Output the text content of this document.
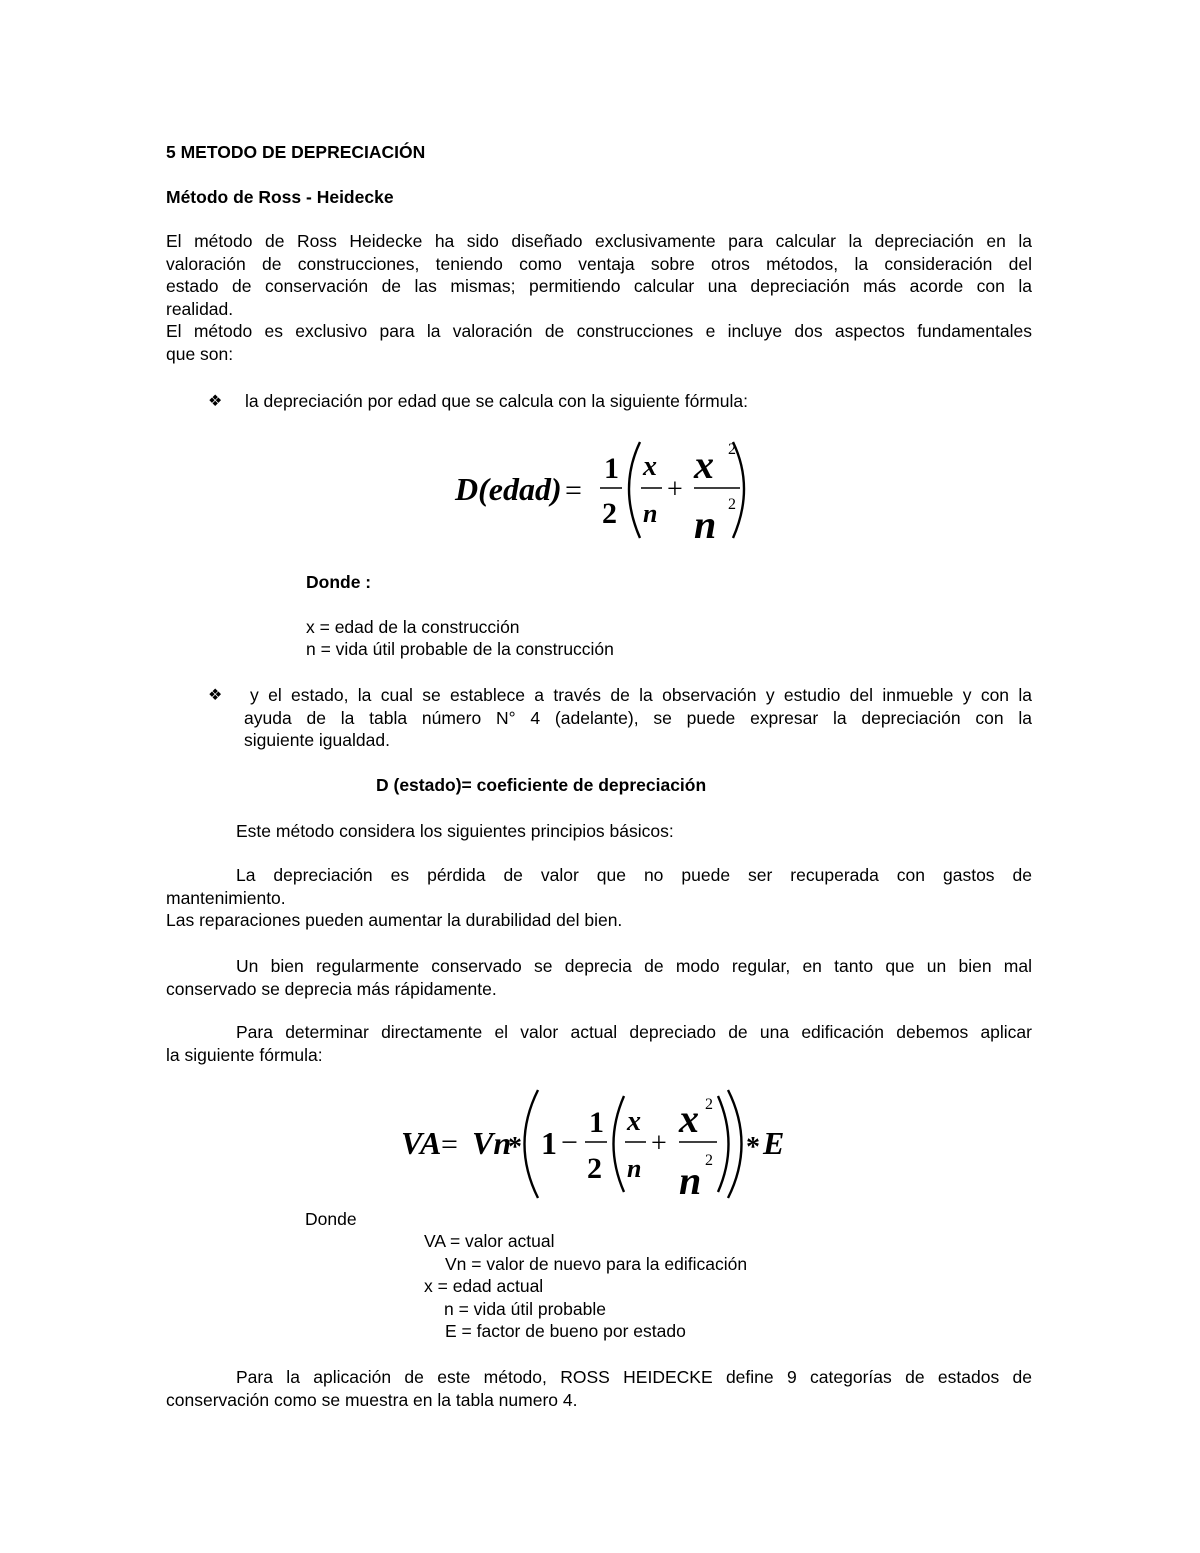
5 METODO DE DEPRECIACIÓN
Método de Ross - Heidecke

El método de Ross Heidecke ha sido diseñado exclusivamente para calcular la depreciación en la

valoración de construcciones, teniendo como ventaja sobre otros métodos, la consideración del

estado de conservación de las mismas; permitiendo calcular una depreciación más acorde con la

realidad.

El método es exclusivo para la valoración de construcciones e incluye dos aspectos fundamentales

que son:

❖ la depreciación por edad que se calcula con la siguiente fórmula:
D(edad) =
1
2
x
n
+
x 2
n 2
Donde :
x = edad de la construcción
n = vida útil probable de la construcción
❖	y el estado, la cual se establece a través de la observación y estudio del inmueble y con la

ayuda de la tabla número N° 4 (adelante), se puede expresar la depreciación con la

siguiente igualdad.

D (estado)= coeficiente de depreciación
Este método considera los siguientes principios básicos:

La depreciación es pérdida de valor que no puede ser recuperada con gastos de

mantenimiento.

Las reparaciones pueden aumentar la durabilidad del bien.

Un bien regularmente conservado se deprecia de modo regular, en tanto que un bien mal

conservado se deprecia más rápidamente.

Para determinar directamente el valor actual depreciado de una edificación debemos aplicar

la siguiente fórmula:

VA = Vn
* 1 −
1
2
x
n
+
x 2
n 2 * E
Donde
VA = valor actual
Vn = valor de nuevo para la edificación
x = edad actual
n = vida útil probable
E = factor de bueno por estado

Para la aplicación de este método, ROSS HEIDECKE define 9 categorías de estados de

conservación como se muestra en la tabla numero 4.
